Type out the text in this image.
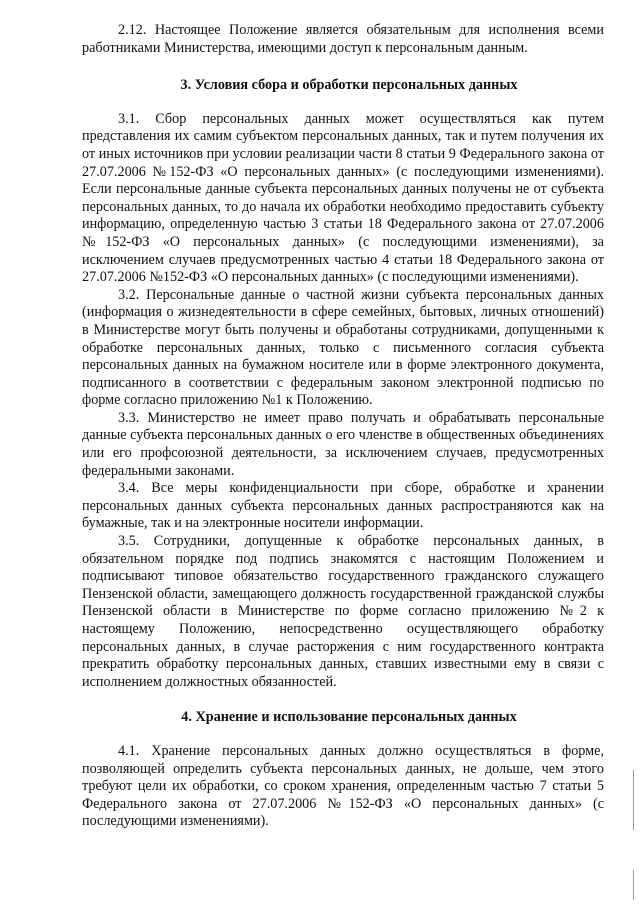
2.12. Настоящее Положение является обязательным для исполнения всеми работниками Министерства, имеющими доступ к персональным данным.

3. Условия сбора и обработки персональных данных

3.1. Сбор персональных данных может осуществляться как путем представления их самим субъектом персональных данных, так и путем получения их от иных источников при условии реализации части 8 статьи 9 Федерального закона от 27.07.2006 №152-ФЗ «О персональных данных» (с последующими изменениями). Если персональные данные субъекта персональных данных получены не от субъекта персональных данных, то до начала их обработки необходимо предоставить субъекту информацию, определенную частью 3 статьи 18 Федерального закона от 27.07.2006 №152-ФЗ «О персональных данных» (с последующими изменениями), за исключением случаев предусмотренных частью 4 статьи 18 Федерального закона от 27.07.2006 №152-ФЗ «О персональных данных» (с последующими изменениями).

3.2. Персональные данные о частной жизни субъекта персональных данных (информация о жизнедеятельности в сфере семейных, бытовых, личных отношений) в Министерстве могут быть получены и обработаны сотрудниками, допущенными к обработке персональных данных, только с письменного согласия субъекта персональных данных на бумажном носителе или в форме электронного документа, подписанного в соответствии с федеральным законом электронной подписью по форме согласно приложению №1 к Положению.

3.3. Министерство не имеет право получать и обрабатывать персональные данные субъекта персональных данных о его членстве в общественных объединениях или его профсоюзной деятельности, за исключением случаев, предусмотренных федеральными законами.

3.4. Все меры конфиденциальности при сборе, обработке и хранении персональных данных субъекта персональных данных распространяются как на бумажные, так и на электронные носители информации.

3.5. Сотрудники, допущенные к обработке персональных данных, в обязательном порядке под подпись знакомятся с настоящим Положением и подписывают типовое обязательство государственного гражданского служащего Пензенской области, замещающего должность государственной гражданской службы Пензенской области в Министерстве по форме согласно приложению №2 к настоящему Положению, непосредственно осуществляющего обработку персональных данных, в случае расторжения с ним государственного контракта прекратить обработку персональных данных, ставших известными ему в связи с исполнением должностных обязанностей.

4. Хранение и использование персональных данных

4.1. Хранение персональных данных должно осуществляться в форме, позволяющей определить субъекта персональных данных, не дольше, чем этого требуют цели их обработки, со сроком хранения, определенным частью 7 статьи 5 Федерального закона от 27.07.2006 №152-ФЗ «О персональных данных» (с последующими изменениями).
